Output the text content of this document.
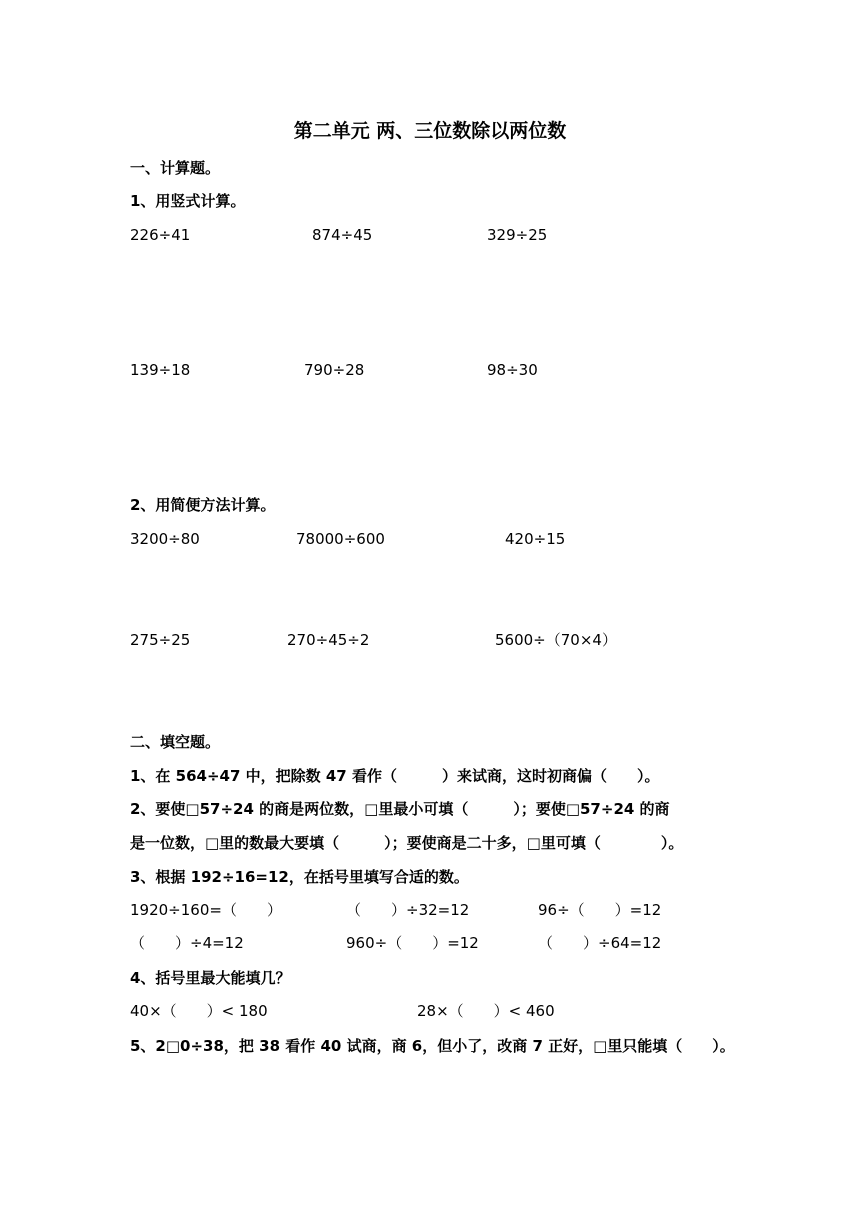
第二单元 两、三位数除以两位数
一、计算题。
1、用竖式计算。
226÷41	874÷45	329÷25
139÷18	790÷28	98÷30
2、用简便方法计算。
3200÷80	78000÷600	420÷15
275÷25	270÷45÷2	5600÷（70×4）
二、填空题。
1、在 564÷47 中，把除数 47 看作（　　　）来试商，这时初商偏（　　）。
2、要使□57÷24 的商是两位数，□里最小可填（　　　）；要使□57÷24 的商
是一位数，□里的数最大要填（　　　）；要使商是二十多，□里可填（　　　　）。
3、根据 192÷16=12，在括号里填写合适的数。
1920÷160=（　　）	（　　）÷32=12	96÷（　　）=12
（　　）÷4=12	960÷（　　）=12	（　　）÷64=12
4、括号里最大能填几？
40×（　　）< 180	28×（　　）< 460
5、2□0÷38，把 38 看作 40 试商，商 6，但小了，改商 7 正好，□里只能填（　　）。
